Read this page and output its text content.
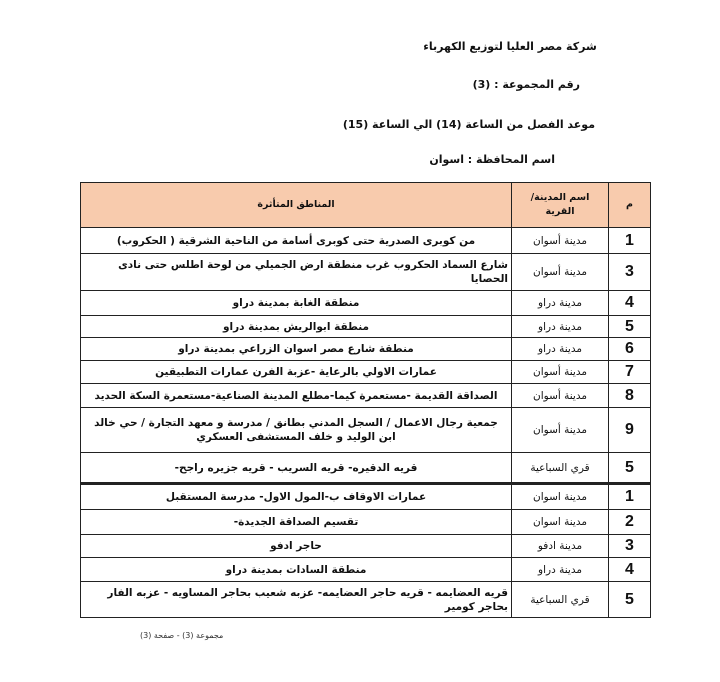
شركة مصر العليا لتوزيع الكهرباء
رقم المجموعة : (3)
موعد الفصل من الساعة (14) الي الساعة (15)
اسم المحافظة : اسوان
م	اسم المدينة/ القرية	المناطق المتأثرة
1	مدينة أسوان	من كوبرى الصدرية حتى كوبرى أسامة من الناحية الشرقية ( الحكروب)
3	مدينة أسوان	شارع السماد الحكروب غرب منطقة ارض الجميلي من لوحة اطلس حتى نادى الحصايا
4	مدينة دراو	منطقة الغابة بمدينة دراو
5	مدينة دراو	منطقة ابوالريش بمدينة دراو
6	مدينة دراو	منطقة شارع مصر اسوان الزراعي بمدينة دراو
7	مدينة أسوان	عمارات الاولي بالرعاية -عزبة الفرن عمارات التطبيقين
8	مدينة أسوان	الصداقة القديمة -مستعمرة كيما-مطلع المدينة الصناعية-مستعمرة السكة الحديد
9	مدينة أسوان	جمعية رجال الاعمال / السجل المدني بطانق / مدرسة و معهد التجارة / حي خالد ابن الوليد و خلف المستشفى العسكري
5	قري السباعية	قريه الدقيره- قريه السريب - قريه جزيره راجح-
1	مدينة اسوان	عمارات الاوقاف ب-المول الاول- مدرسة المستقبل
2	مدينة اسوان	تقسيم الصداقة الجديدة-
3	مدينة ادفو	حاجر ادفو
4	مدينة دراو	منطقة السادات بمدينة دراو
5	قري السباعية	قريه العضايمه - قريه حاجر العضايمه- عزبه شعيب بحاجر المساويه - عزبه الفار بحاجر كومير
مجموعة (3) - صفحة (3)
